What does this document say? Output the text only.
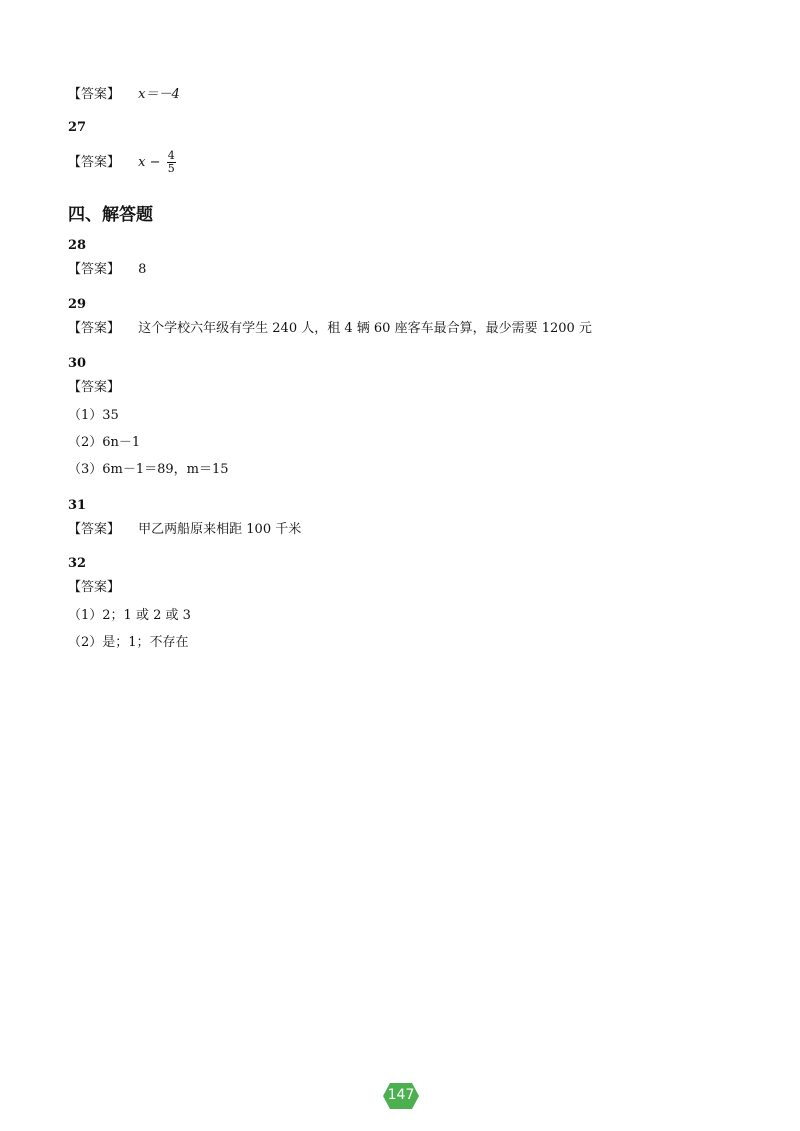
【答案】 x＝－4
27
【答案】 $x - \frac{4}{5}$
四、解答题
28
【答案】 8
29
【答案】 这个学校六年级有学生 240 人，租 4 辆 60 座客车最合算，最少需要 1200 元
30
【答案】
（1）35
（2）6n－1
（3）6m－1＝89，m＝15
31
【答案】 甲乙两船原来相距 100 千米
32
【答案】
（1）2；1 或 2 或 3
（2）是；1；不存在
147
